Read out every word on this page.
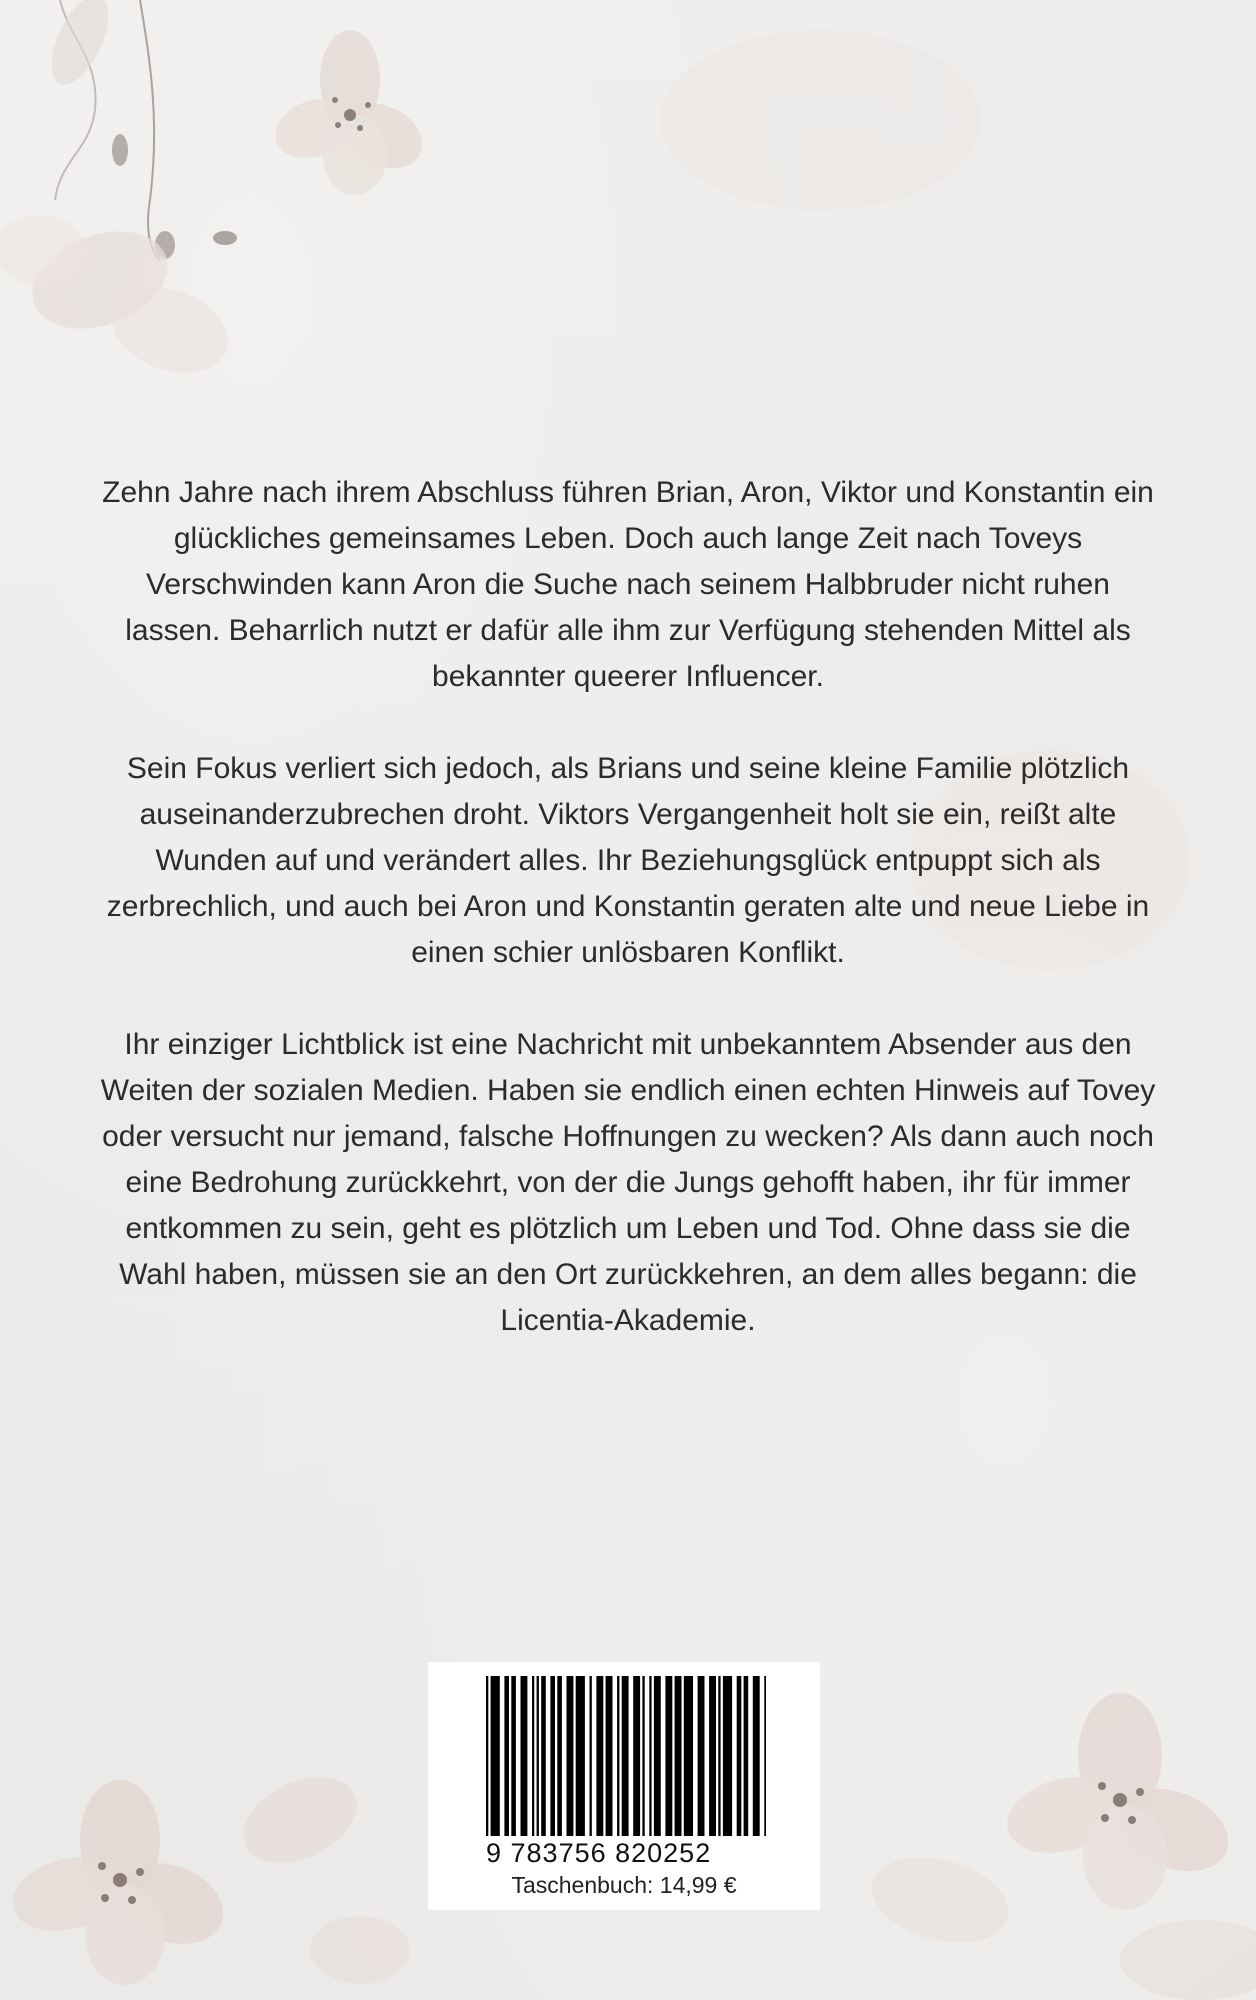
Zehn Jahre nach ihrem Abschluss führen Brian, Aron, Viktor und Konstantin ein glückliches gemeinsames Leben. Doch auch lange Zeit nach Toveys Verschwinden kann Aron die Suche nach seinem Halbbruder nicht ruhen lassen. Beharrlich nutzt er dafür alle ihm zur Verfügung stehenden Mittel als bekannter queerer Influencer.

Sein Fokus verliert sich jedoch, als Brians und seine kleine Familie plötzlich auseinanderzubrechen droht. Viktors Vergangenheit holt sie ein, reißt alte Wunden auf und verändert alles. Ihr Beziehungsglück entpuppt sich als zerbrechlich, und auch bei Aron und Konstantin geraten alte und neue Liebe in einen schier unlösbaren Konflikt.

Ihr einziger Lichtblick ist eine Nachricht mit unbekanntem Absender aus den Weiten der sozialen Medien. Haben sie endlich einen echten Hinweis auf Tovey oder versucht nur jemand, falsche Hoffnungen zu wecken? Als dann auch noch eine Bedrohung zurückkehrt, von der die Jungs gehofft haben, ihr für immer entkommen zu sein, geht es plötzlich um Leben und Tod. Ohne dass sie die Wahl haben, müssen sie an den Ort zurückkehren, an dem alles begann: die Licentia-Akademie.

9 783756 820252
Taschenbuch: 14,99 €
